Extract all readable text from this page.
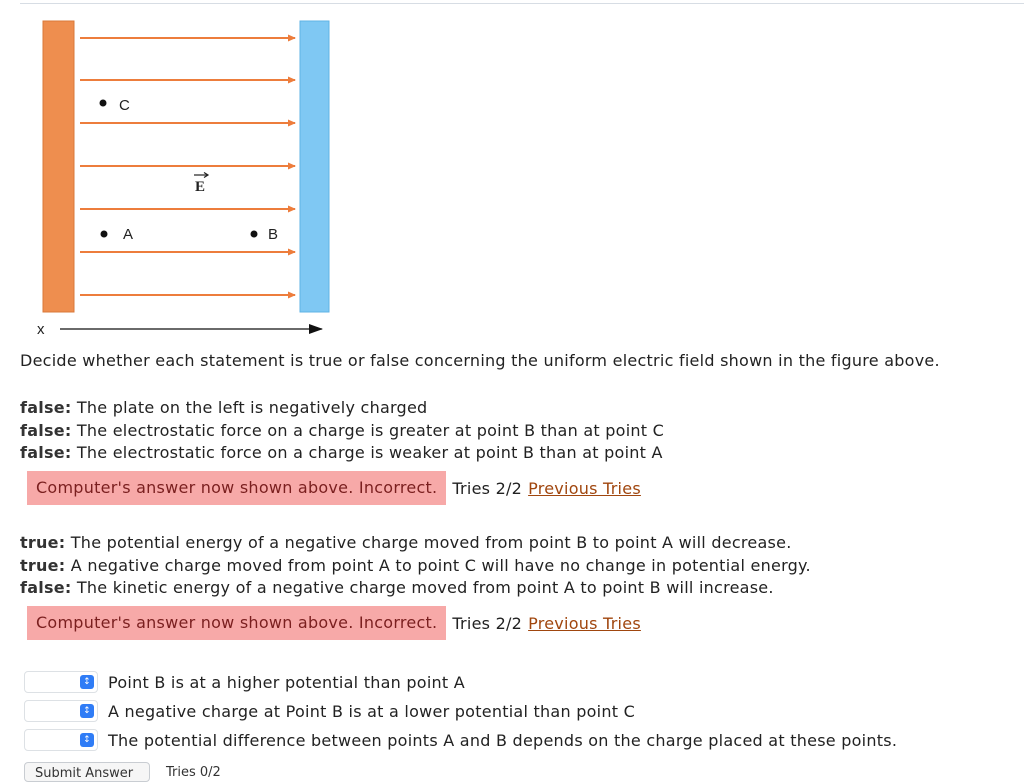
C
A	B
E
x
Decide whether each statement is true or false concerning the uniform electric field shown in the figure above.
false: The plate on the left is negatively charged
false: The electrostatic force on a charge is greater at point B than at point C
false: The electrostatic force on a charge is weaker at point B than at point A
Computer's answer now shown above. Incorrect. Tries 2/2 Previous Tries
true: The potential energy of a negative charge moved from point B to point A will decrease.
true: A negative charge moved from point A to point C will have no change in potential energy.
false: The kinetic energy of a negative charge moved from point A to point B will increase.
Computer's answer now shown above. Incorrect. Tries 2/2 Previous Tries
↕ Point B is at a higher potential than point A
↕ A negative charge at Point B is at a lower potential than point C
↕ The potential difference between points A and B depends on the charge placed at these points.
Submit Answer	Tries 0/2
